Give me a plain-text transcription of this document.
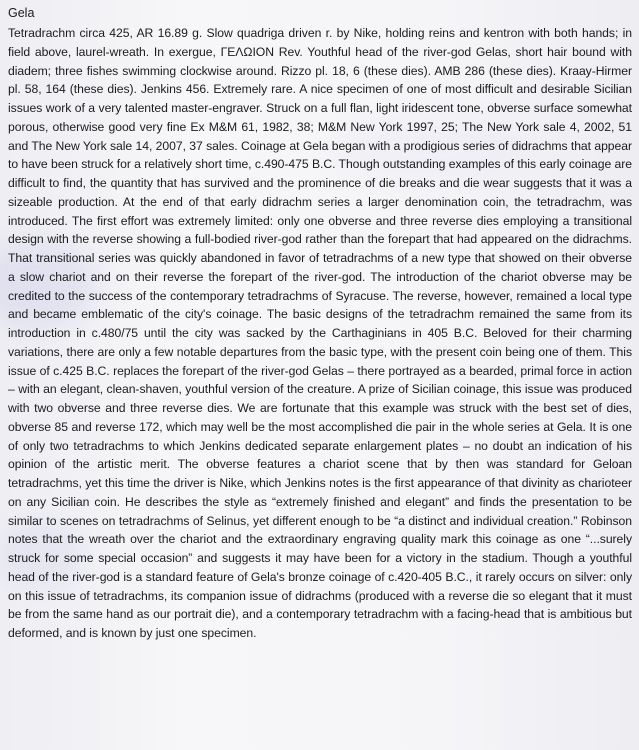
Gela

Tetradrachm circa 425, AR 16.89 g. Slow quadriga driven r. by Nike, holding reins and kentron with both hands; in field above, laurel-wreath. In exergue, ΓΕΛΩΙΟΝ Rev. Youthful head of the river-god Gelas, short hair bound with diadem; three fishes swimming clockwise around. Rizzo pl. 18, 6 (these dies). AMB 286 (these dies). Kraay-Hirmer pl. 58, 164 (these dies). Jenkins 456. Extremely rare. A nice specimen of one of most difficult and desirable Sicilian issues work of a very talented master-engraver. Struck on a full flan, light iridescent tone, obverse surface somewhat porous, otherwise good very fine Ex M&M 61, 1982, 38; M&M New York 1997, 25; The New York sale 4, 2002, 51 and The New York sale 14, 2007, 37 sales. Coinage at Gela began with a prodigious series of didrachms that appear to have been struck for a relatively short time, c.490-475 B.C. Though outstanding examples of this early coinage are difficult to find, the quantity that has survived and the prominence of die breaks and die wear suggests that it was a sizeable production. At the end of that early didrachm series a larger denomination coin, the tetradrachm, was introduced. The first effort was extremely limited: only one obverse and three reverse dies employing a transitional design with the reverse showing a full-bodied river-god rather than the forepart that had appeared on the didrachms. That transitional series was quickly abandoned in favor of tetradrachms of a new type that showed on their obverse a slow chariot and on their reverse the forepart of the river-god. The introduction of the chariot obverse may be credited to the success of the contemporary tetradrachms of Syracuse. The reverse, however, remained a local type and became emblematic of the city's coinage. The basic designs of the tetradrachm remained the same from its introduction in c.480/75 until the city was sacked by the Carthaginians in 405 B.C. Beloved for their charming variations, there are only a few notable departures from the basic type, with the present coin being one of them. This issue of c.425 B.C. replaces the forepart of the river-god Gelas – there portrayed as a bearded, primal force in action – with an elegant, clean-shaven, youthful version of the creature. A prize of Sicilian coinage, this issue was produced with two obverse and three reverse dies. We are fortunate that this example was struck with the best set of dies, obverse 85 and reverse 172, which may well be the most accomplished die pair in the whole series at Gela. It is one of only two tetradrachms to which Jenkins dedicated separate enlargement plates – no doubt an indication of his opinion of the artistic merit. The obverse features a chariot scene that by then was standard for Geloan tetradrachms, yet this time the driver is Nike, which Jenkins notes is the first appearance of that divinity as charioteer on any Sicilian coin. He describes the style as “extremely finished and elegant” and finds the presentation to be similar to scenes on tetradrachms of Selinus, yet different enough to be “a distinct and individual creation.” Robinson notes that the wreath over the chariot and the extraordinary engraving quality mark this coinage as one “...surely struck for some special occasion” and suggests it may have been for a victory in the stadium. Though a youthful head of the river-god is a standard feature of Gela's bronze coinage of c.420-405 B.C., it rarely occurs on silver: only on this issue of tetradrachms, its companion issue of didrachms (produced with a reverse die so elegant that it must be from the same hand as our portrait die), and a contemporary tetradrachm with a facing-head that is ambitious but deformed, and is known by just one specimen.
